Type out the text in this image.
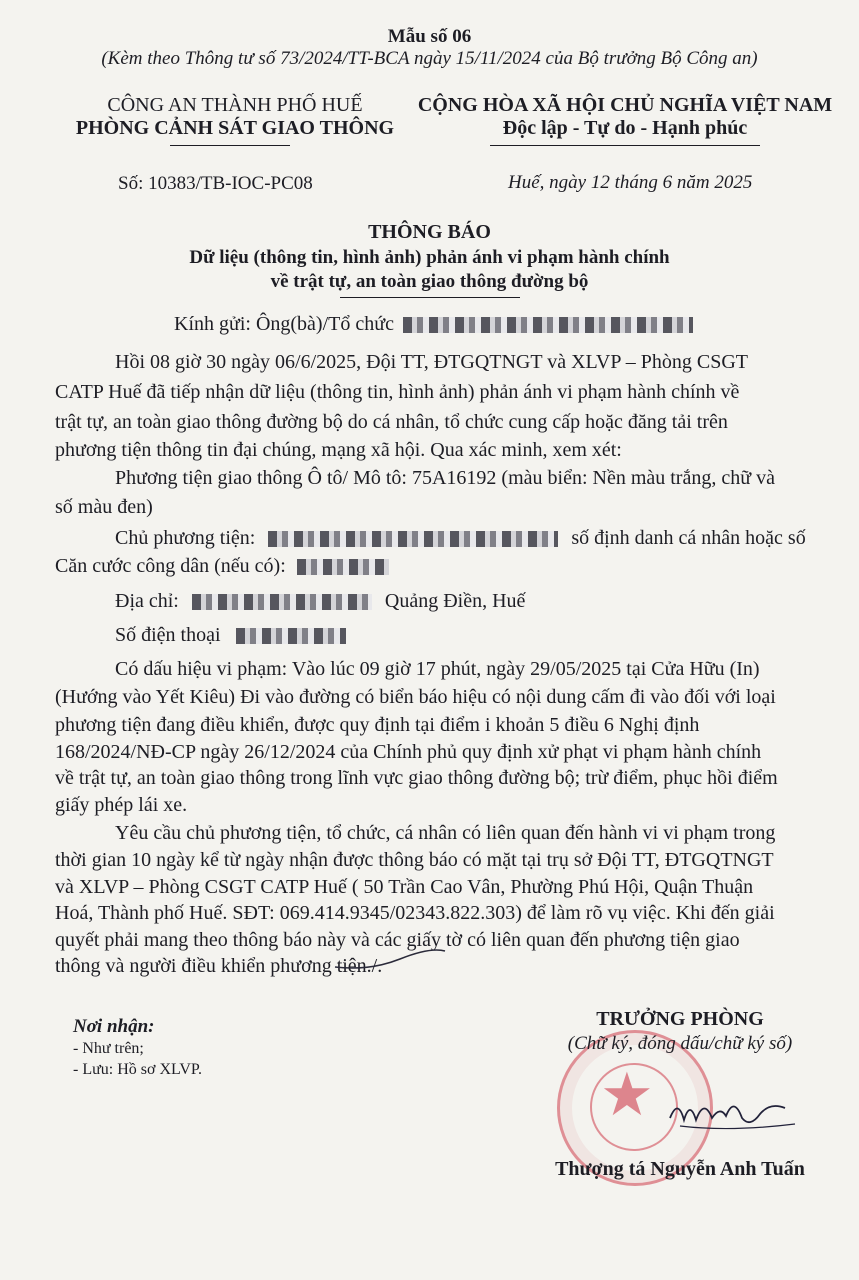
Mẫu số 06
(Kèm theo Thông tư số 73/2024/TT-BCA ngày 15/11/2024 của Bộ trưởng Bộ Công an)
CÔNG AN THÀNH PHỐ HUẾ
PHÒNG CẢNH SÁT GIAO THÔNG
CỘNG HÒA XÃ HỘI CHỦ NGHĨA VIỆT NAM
Độc lập - Tự do - Hạnh phúc
Số: 10383/TB-IOC-PC08	Huế, ngày 12 tháng 6 năm 2025
THÔNG BÁO
Dữ liệu (thông tin, hình ảnh) phản ánh vi phạm hành chính
về trật tự, an toàn giao thông đường bộ
Kính gửi: Ông(bà)/Tổ chức
Hồi 08 giờ 30 ngày 06/6/2025, Đội TT, ĐTGQTNGT và XLVP – Phòng CSGT
CATP Huế đã tiếp nhận dữ liệu (thông tin, hình ảnh) phản ánh vi phạm hành chính về
trật tự, an toàn giao thông đường bộ do cá nhân, tổ chức cung cấp hoặc đăng tải trên
phương tiện thông tin đại chúng, mạng xã hội. Qua xác minh, xem xét:
Phương tiện giao thông Ô tô/ Mô tô: 75A16192 (màu biển: Nền màu trắng, chữ và
số màu đen)
Chủ phương tiện:	số định danh cá nhân hoặc số
Căn cước công dân (nếu có):
Địa chỉ:	Quảng Điền, Huế
Số điện thoại
Có dấu hiệu vi phạm: Vào lúc 09 giờ 17 phút, ngày 29/05/2025 tại Cửa Hữu (In)
(Hướng vào Yết Kiêu) Đi vào đường có biển báo hiệu có nội dung cấm đi vào đối với loại
phương tiện đang điều khiển, được quy định tại điểm i khoản 5 điều 6 Nghị định
168/2024/NĐ-CP ngày 26/12/2024 của Chính phủ quy định xử phạt vi phạm hành chính
về trật tự, an toàn giao thông trong lĩnh vực giao thông đường bộ; trừ điểm, phục hồi điểm
giấy phép lái xe.
Yêu cầu chủ phương tiện, tổ chức, cá nhân có liên quan đến hành vi vi phạm trong
thời gian 10 ngày kể từ ngày nhận được thông báo có mặt tại trụ sở Đội TT, ĐTGQTNGT
và XLVP – Phòng CSGT CATP Huế ( 50 Trần Cao Vân, Phường Phú Hội, Quận Thuận
Hoá, Thành phố Huế. SĐT: 069.414.9345/02343.822.303) để làm rõ vụ việc. Khi đến giải
quyết phải mang theo thông báo này và các giấy tờ có liên quan đến phương tiện giao
thông và người điều khiển phương tiện./.
Nơi nhận:
- Như trên;
- Lưu: Hồ sơ XLVP.	★
TRƯỞNG PHÒNG
(Chữ ký, đóng dấu/chữ ký số)
Thượng tá Nguyễn Anh Tuấn
